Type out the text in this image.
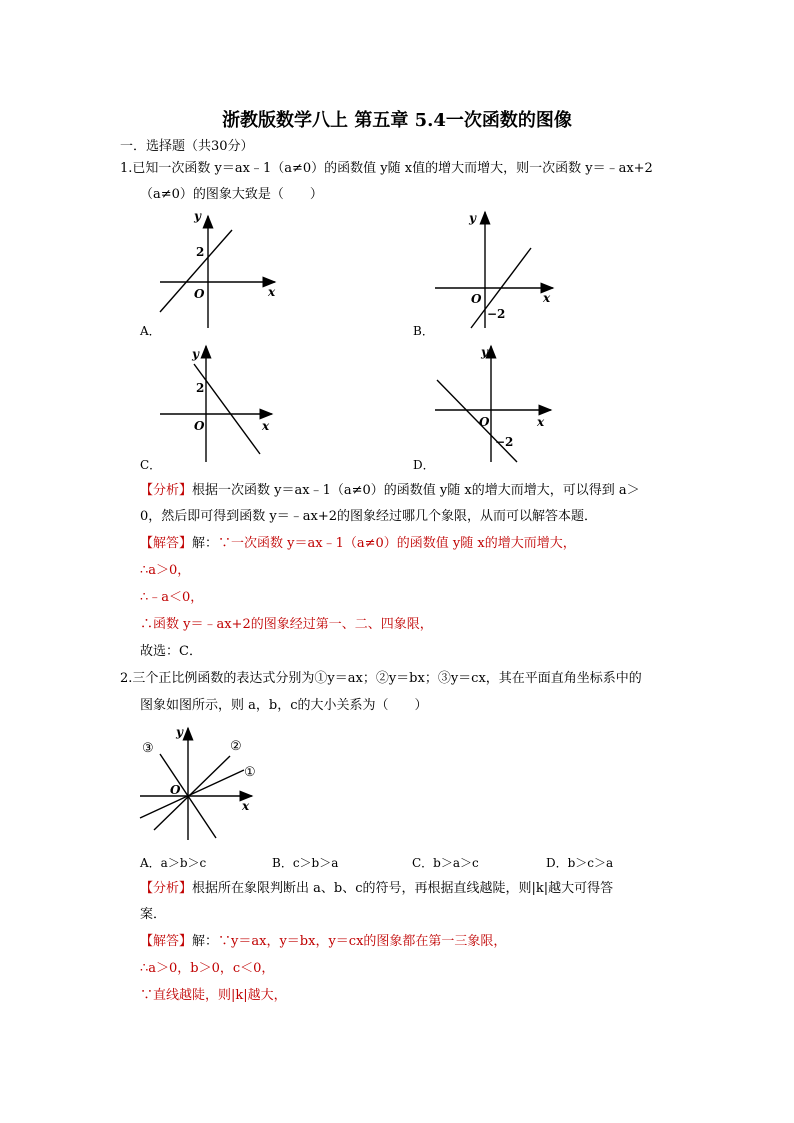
浙教版数学八上 第五章 5.4一次函数的图像
一．选择题（共30分）
1.已知一次函数 y＝ax﹣1（a≠0）的函数值 y随 x值的增大而增大，则一次函数 y＝﹣ax+2
（a≠0）的图象大致是（　　）
y
x
2
O
A．
y
x
−2
O
B．
y
x
2
O
C．
y
x
−2
O
D．
【分析】根据一次函数 y＝ax﹣1（a≠0）的函数值 y随 x的增大而增大，可以得到 a＞
0，然后即可得到函数 y＝﹣ax+2的图象经过哪几个象限，从而可以解答本题．
【解答】解：∵一次函数 y＝ax﹣1（a≠0）的函数值 y随 x的增大而增大，
∴a＞0，
∴﹣a＜0，
∴函数 y＝﹣ax+2的图象经过第一、二、四象限，
故选：C．
2.三个正比例函数的表达式分别为①y＝ax；②y＝bx；③y＝cx，其在平面直角坐标系中的
图象如图所示，则 a，b，c的大小关系为（　　）
y
x
O
①
②
③
A．a＞b＞c	B．c＞b＞a	C．b＞a＞c	D．b＞c＞a
【分析】根据所在象限判断出 a、b、c的符号，再根据直线越陡，则|k|越大可得答
案．
【解答】解：∵y＝ax，y＝bx，y＝cx的图象都在第一三象限，
∴a＞0，b＞0，c＜0，
∵直线越陡，则|k|越大，
